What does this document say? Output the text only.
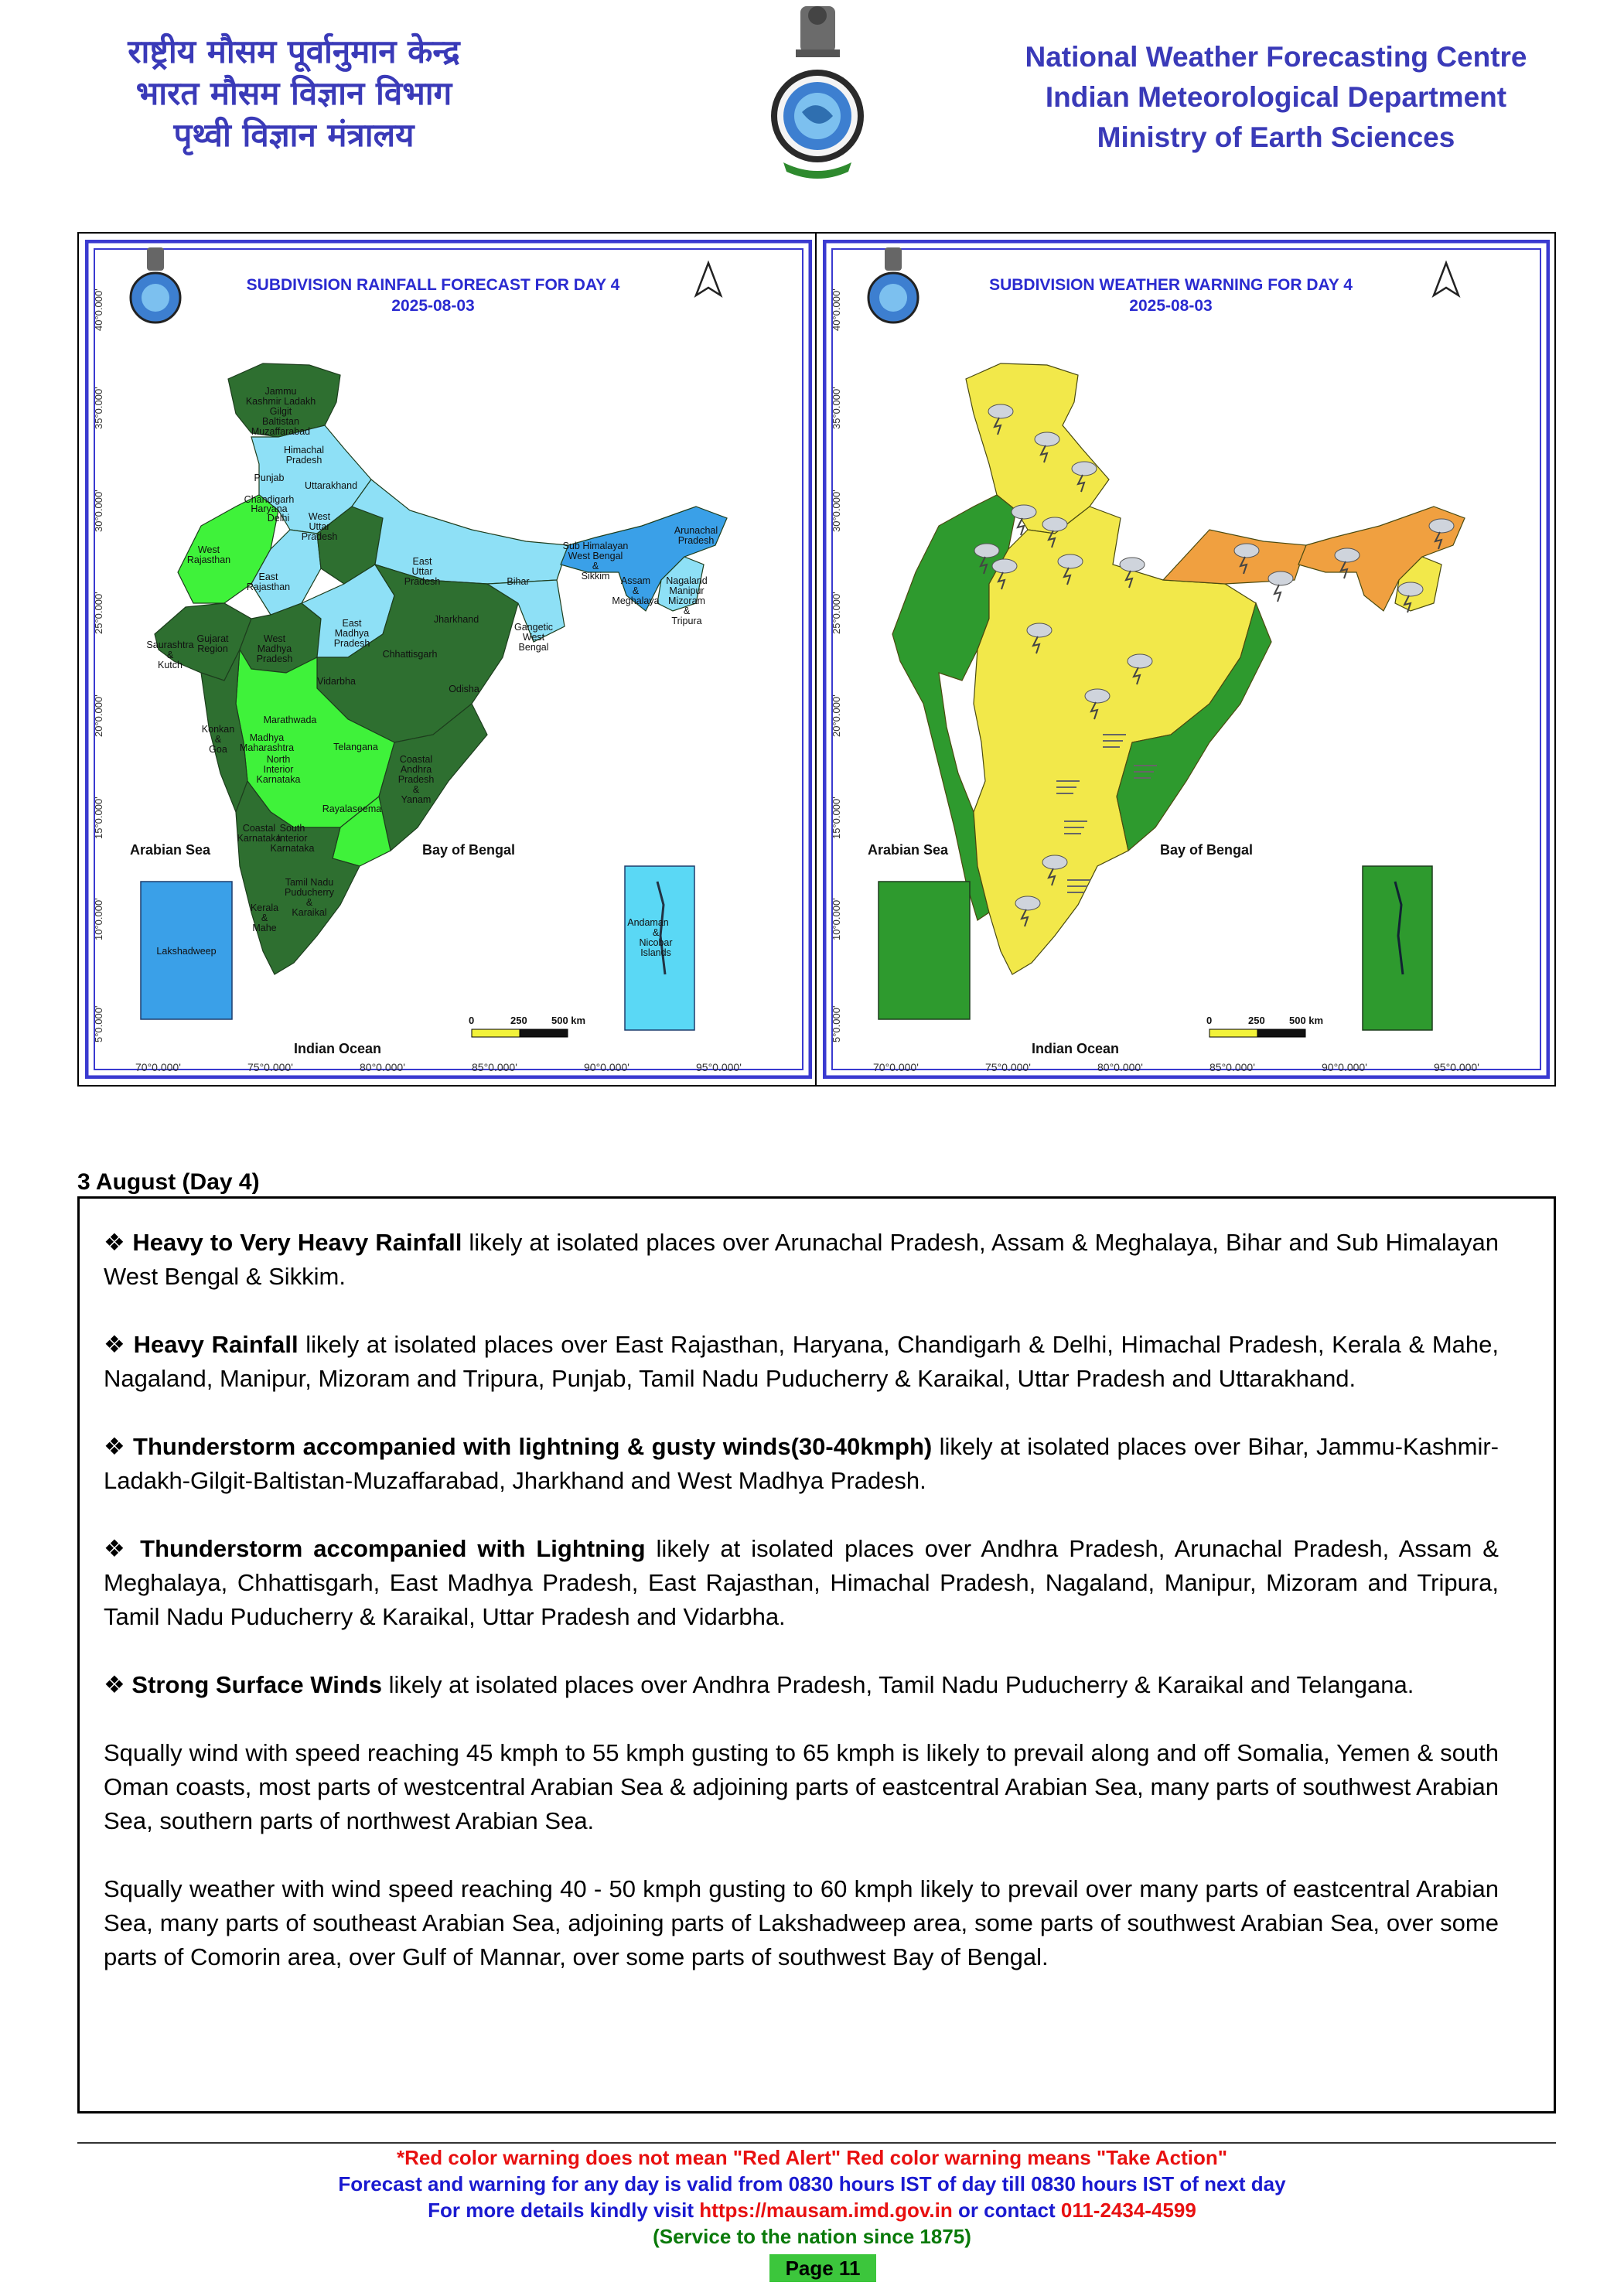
राष्ट्रीय मौसम पूर्वानुमान केन्द्र
भारत मौसम विज्ञान विभाग
पृथ्वी विज्ञान मंत्रालय
National Weather Forecasting Centre
Indian Meteorological Department
Ministry of Earth Sciences
40°0.000'
35°0.000'
30°0.000'
25°0.000'
20°0.000'
15°0.000'
10°0.000'
5°0.000'
70°0.000'	75°0.000'	80°0.000'	85°0.000'	90°0.000'	95°0.000'
SUBDIVISION RAINFALL FORECAST FOR DAY 4
2025-08-03
Jammu
Kashmir Ladakh
Gilgit
Baltistan
Muzaffarabad
Himachal
Pradesh
Punjab
Uttarakhand
Chandigarh
Haryana
Delhi West
Uttar
Pradesh
West
Rajasthan
East
Rajasthan
East
Uttar
Pradesh	Bihar
Sub Himalayan
West Bengal
&
Sikkim
Arunachal
Pradesh
Assam
&
Meghalaya
Nagaland
Manipur
Mizoram
&
Tripura
Saurashtra
&
Kutch
Gujarat
Region
West
Madhya
Pradesh
East
Madhya
Pradesh
Jharkhand
Gangetic
West
Bengal
Chhattisgarh
Odisha
Vidarbha
Marathwada
Madhya
Maharashtra
North
Interior
Karnataka
Konkan
&
Goa	Telangana
Coastal
Andhra
Pradesh
&
Yanam
Rayalaseema
Coastal South
Karnataka
Interior
Karnataka
Tamil Nadu
Puducherry
&
Karaikal
Kerala
&
Mahe
Lakshadweep
Andaman
&
Nicobar
Islands
Arabian Sea	Bay of Bengal
Indian Ocean
0	250 500 km
40°0.000'
35°0.000'
30°0.000'
25°0.000'
20°0.000'
15°0.000'
10°0.000'
5°0.000'
70°0.000'	75°0.000'	80°0.000'	85°0.000'	90°0.000'	95°0.000'
SUBDIVISION WEATHER WARNING FOR DAY 4
2025-08-03
Arabian Sea	Bay of Bengal
Indian Ocean
0	250 500 km
3 August (Day 4)

❖ Heavy to Very Heavy Rainfall likely at isolated places over Arunachal Pradesh, Assam & Meghalaya, Bihar and Sub Himalayan West Bengal & Sikkim.

❖ Heavy Rainfall likely at isolated places over East Rajasthan, Haryana, Chandigarh & Delhi, Himachal Pradesh, Kerala & Mahe, Nagaland, Manipur, Mizoram and Tripura, Punjab, Tamil Nadu Puducherry & Karaikal, Uttar Pradesh and Uttarakhand.

❖ Thunderstorm accompanied with lightning & gusty winds(30-40kmph) likely at isolated places over Bihar, Jammu-Kashmir-Ladakh-Gilgit-Baltistan-Muzaffarabad, Jharkhand and West Madhya Pradesh.

❖ Thunderstorm accompanied with Lightning likely at isolated places over Andhra Pradesh, Arunachal Pradesh, Assam & Meghalaya, Chhattisgarh, East Madhya Pradesh, East Rajasthan, Himachal Pradesh, Nagaland, Manipur, Mizoram and Tripura, Tamil Nadu Puducherry & Karaikal, Uttar Pradesh and Vidarbha.

❖ Strong Surface Winds likely at isolated places over Andhra Pradesh, Tamil Nadu Puducherry & Karaikal and Telangana.

Squally wind with speed reaching 45 kmph to 55 kmph gusting to 65 kmph is likely to prevail along and off Somalia, Yemen & south Oman coasts, most parts of westcentral Arabian Sea & adjoining parts of eastcentral Arabian Sea, many parts of southwest Arabian Sea, southern parts of northwest Arabian Sea.

Squally weather with wind speed reaching 40 - 50 kmph gusting to 60 kmph likely to prevail over many parts of eastcentral Arabian Sea, many parts of southeast Arabian Sea, adjoining parts of Lakshadweep area, some parts of southwest Arabian Sea, over some parts of Comorin area, over Gulf of Mannar, over some parts of southwest Bay of Bengal.

*Red color warning does not mean "Red Alert" Red color warning means "Take Action"
Forecast and warning for any day is valid from 0830 hours IST of day till 0830 hours IST of next day
For more details kindly visit https://mausam.imd.gov.in or contact 011-2434-4599
(Service to the nation since 1875)
Page 11
